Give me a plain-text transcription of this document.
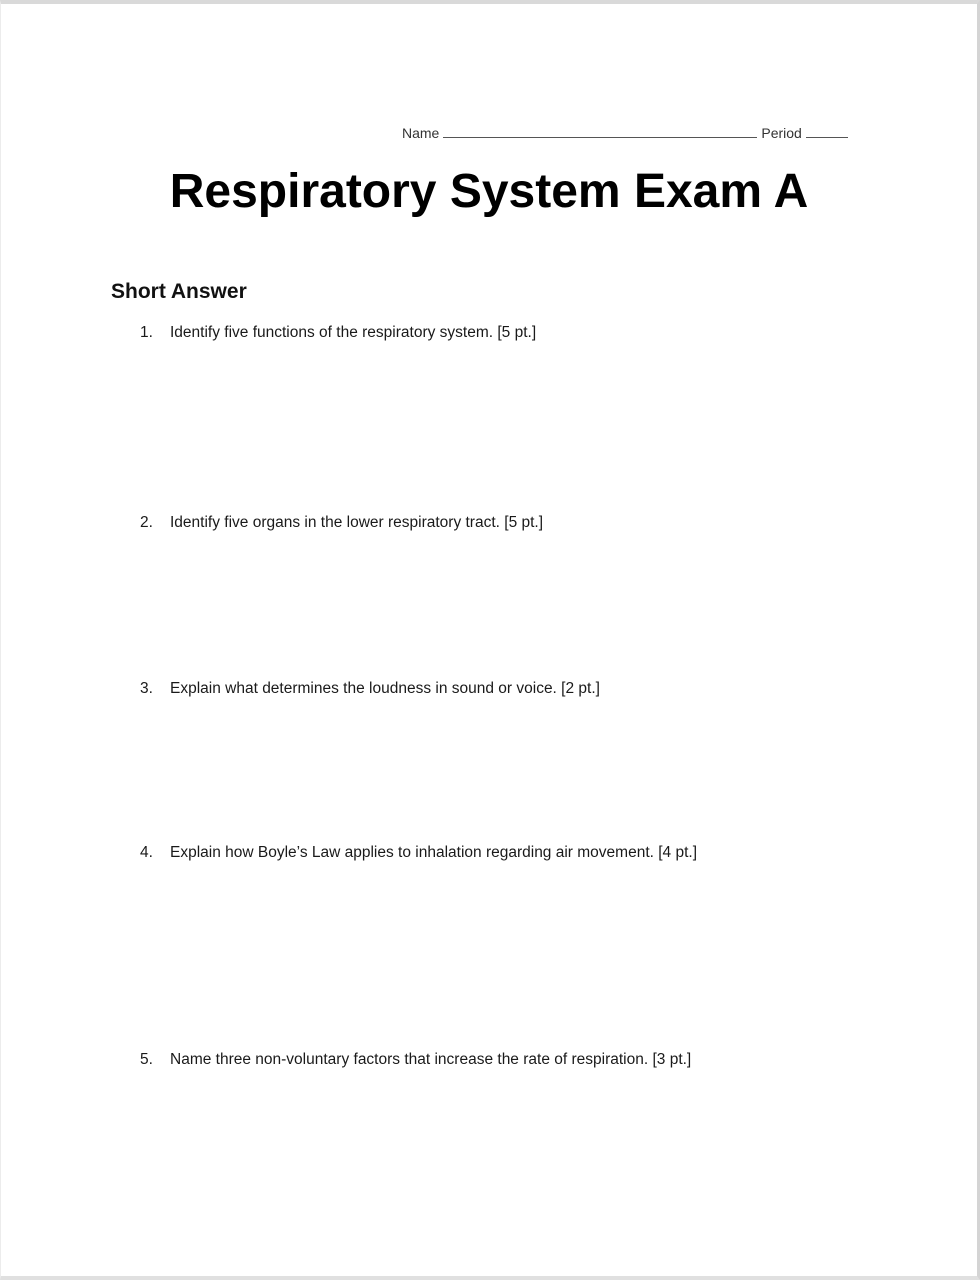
Name	Period
Respiratory System Exam A
Short Answer
1.	Identify five functions of the respiratory system. [5 pt.]
2.	Identify five organs in the lower respiratory tract. [5 pt.]
3.	Explain what determines the loudness in sound or voice. [2 pt.]
4.	Explain how Boyle’s Law applies to inhalation regarding air movement. [4 pt.]
5.	Name three non-voluntary factors that increase the rate of respiration. [3 pt.]
